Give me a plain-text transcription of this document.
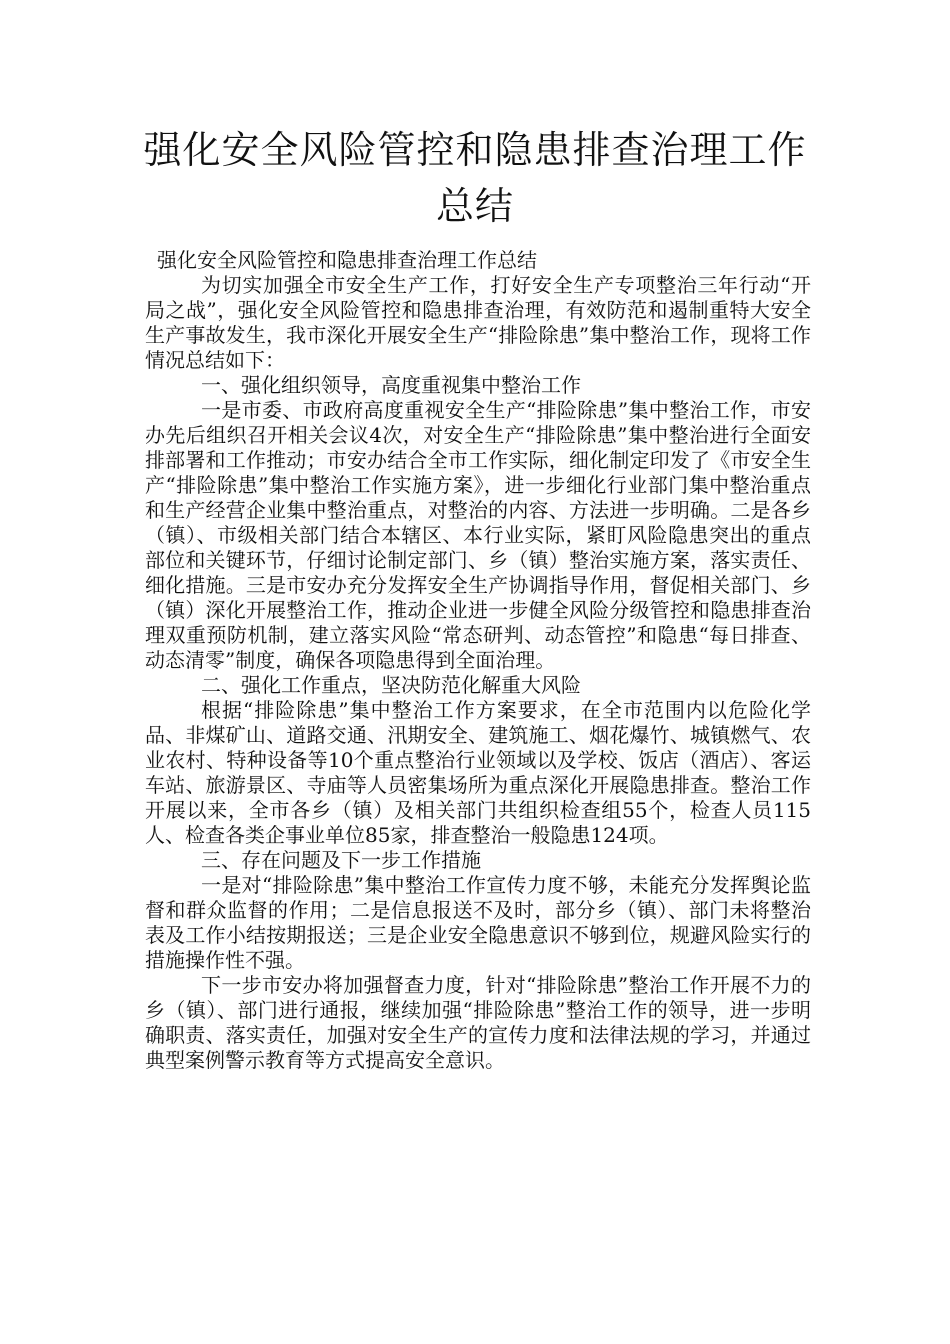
强化安全风险管控和隐患排查治理工作总结

强化安全风险管控和隐患排查治理工作总结

为切实加强全市安全生产工作，打好安全生产专项整治三年行动“开局之战”，强化安全风险管控和隐患排查治理，有效防范和遏制重特大安全生产事故发生，我市深化开展安全生产“排险除患”集中整治工作，现将工作情况总结如下：

一、强化组织领导，高度重视集中整治工作

一是市委、市政府高度重视安全生产“排险除患”集中整治工作，市安办先后组织召开相关会议4次，对安全生产“排险除患”集中整治进行全面安排部署和工作推动；市安办结合全市工作实际，细化制定印发了《市安全生产“排险除患”集中整治工作实施方案》，进一步细化行业部门集中整治重点和生产经营企业集中整治重点，对整治的内容、方法进一步明确。二是各乡（镇）、市级相关部门结合本辖区、本行业实际，紧盯风险隐患突出的重点部位和关键环节，仔细讨论制定部门、乡（镇）整治实施方案，落实责任、细化措施。三是市安办充分发挥安全生产协调指导作用，督促相关部门、乡（镇）深化开展整治工作，推动企业进一步健全风险分级管控和隐患排查治理双重预防机制，建立落实风险“常态研判、动态管控”和隐患“每日排查、动态清零”制度，确保各项隐患得到全面治理。

二、强化工作重点，坚决防范化解重大风险

根据“排险除患”集中整治工作方案要求，在全市范围内以危险化学品、非煤矿山、道路交通、汛期安全、建筑施工、烟花爆竹、城镇燃气、农业农村、特种设备等10个重点整治行业领域以及学校、饭店（酒店）、客运车站、旅游景区、寺庙等人员密集场所为重点深化开展隐患排查。整治工作开展以来，全市各乡（镇）及相关部门共组织检查组55个，检查人员115人、检查各类企事业单位85家，排查整治一般隐患124项。

三、存在问题及下一步工作措施

一是对“排险除患”集中整治工作宣传力度不够，未能充分发挥舆论监督和群众监督的作用；二是信息报送不及时，部分乡（镇）、部门未将整治表及工作小结按期报送；三是企业安全隐患意识不够到位，规避风险实行的措施操作性不强。

下一步市安办将加强督查力度，针对“排险除患”整治工作开展不力的乡（镇）、部门进行通报，继续加强“排险除患”整治工作的领导，进一步明确职责、落实责任，加强对安全生产的宣传力度和法律法规的学习，并通过典型案例警示教育等方式提高安全意识。
